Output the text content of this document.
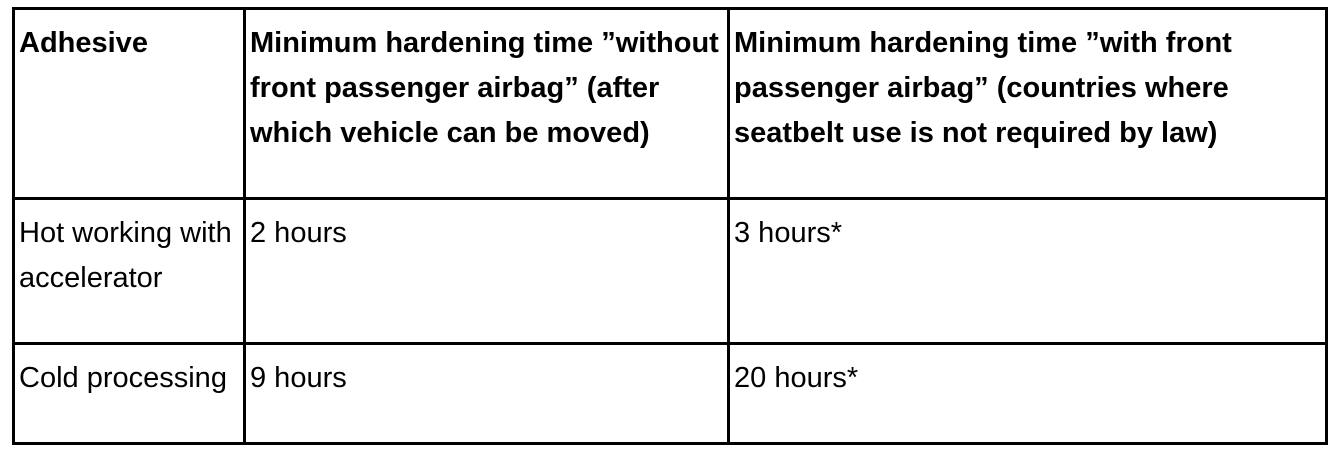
Adhesive	Minimum hardening time ”without front passenger airbag” (after which vehicle can be moved)	Minimum hardening time ”with front passenger airbag” (countries where seatbelt use is not required by law)
Hot working with accelerator	2 hours	3 hours*
Cold processing	9 hours	20 hours*
